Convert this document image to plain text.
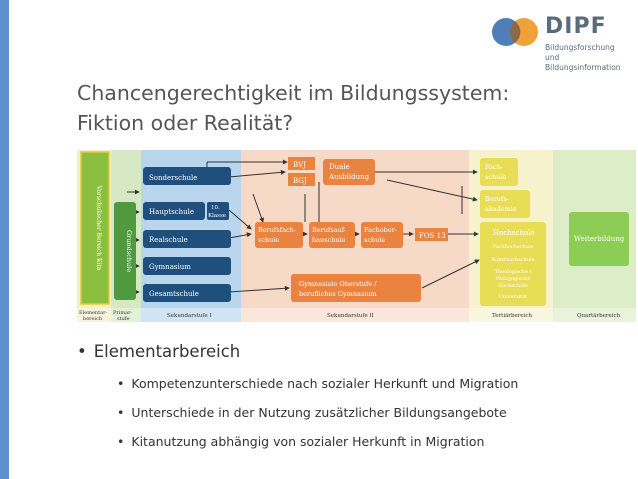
DIPF
Bildungsforschung
und Bildungsinformation
Chancengerechtigkeit im Bildungssystem:
Fiktion oder Realität?
Vorschulischer Bereich Kita	Grundschule
Sonderschule
Hauptschule	10.
Klasse
Realschule
Gymnasium
Gesamtschule
BVJ
BGJ
Duale
Ausbildung
Berufsfach-
schule
Berufsauf-
bauschule
Fachober-
schule	FOS 13
Gymnasiale Oberstufe /
berufliches Gymnasium
Fach-
schule
Berufs-
akademie
Hochschule
Fachhochschule
Kunsthochschule
Theologische /
Pädagogische
Hochschule
Universität
Weiterbildung
Elementar-
bereich
Primar-
stufe	Sekundarstufe I	Sekundarstufe II	Tertiärbereich	Quartärbereich
• Elementarbereich
• Kompetenzunterschiede nach sozialer Herkunft und Migration
• Unterschiede in der Nutzung zusätzlicher Bildungsangebote
• Kitanutzung abhängig von sozialer Herkunft in Migration
